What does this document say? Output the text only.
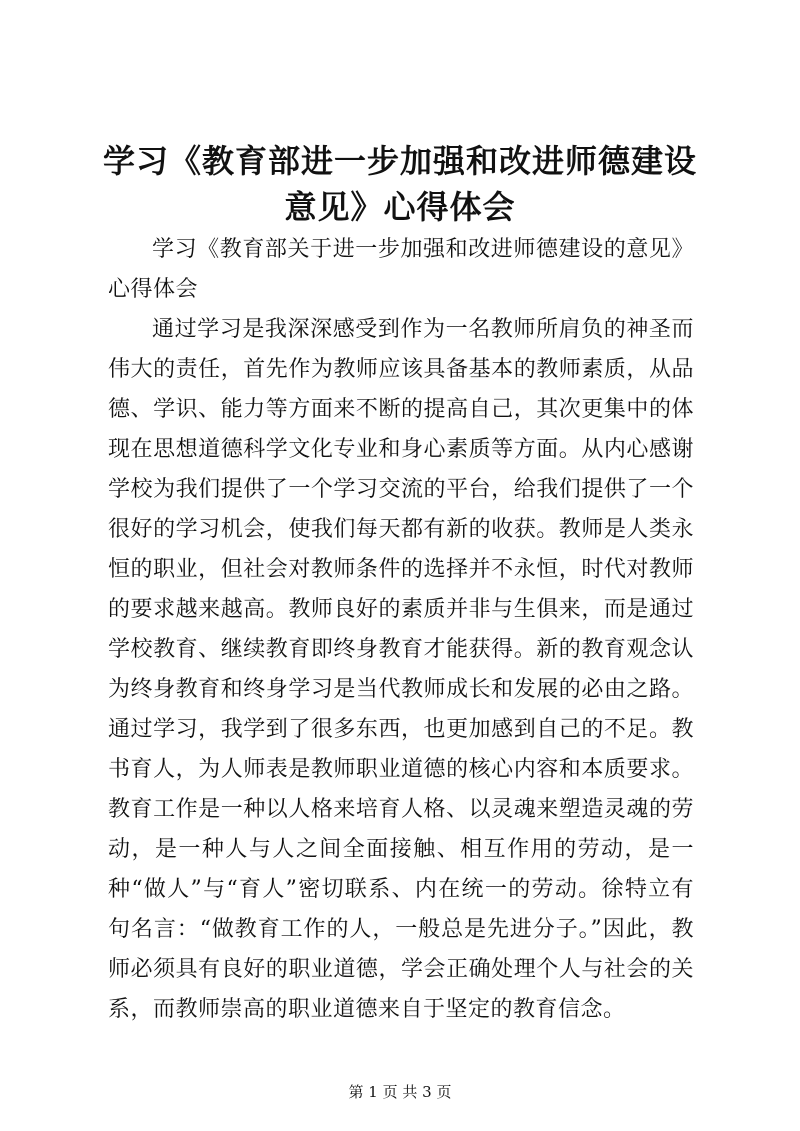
学习《教育部进一步加强和改进师德建设意见》心得体会

学习《教育部关于进一步加强和改进师德建设的意见》心得体会

通过学习是我深深感受到作为一名教师所肩负的神圣而伟大的责任，首先作为教师应该具备基本的教师素质，从品德、学识、能力等方面来不断的提高自己，其次更集中的体现在思想道德科学文化专业和身心素质等方面。从内心感谢学校为我们提供了一个学习交流的平台，给我们提供了一个很好的学习机会，使我们每天都有新的收获。教师是人类永恒的职业，但社会对教师条件的选择并不永恒，时代对教师的要求越来越高。教师良好的素质并非与生俱来，而是通过学校教育、继续教育即终身教育才能获得。新的教育观念认为终身教育和终身学习是当代教师成长和发展的必由之路。通过学习，我学到了很多东西，也更加感到自己的不足。教书育人，为人师表是教师职业道德的核心内容和本质要求。教育工作是一种以人格来培育人格、以灵魂来塑造灵魂的劳动，是一种人与人之间全面接触、相互作用的劳动，是一种“做人”与“育人”密切联系、内在统一的劳动。徐特立有句名言：“做教育工作的人，一般总是先进分子。”因此，教师必须具有良好的职业道德，学会正确处理个人与社会的关系，而教师崇高的职业道德来自于坚定的教育信念。

第 1 页 共 3 页
